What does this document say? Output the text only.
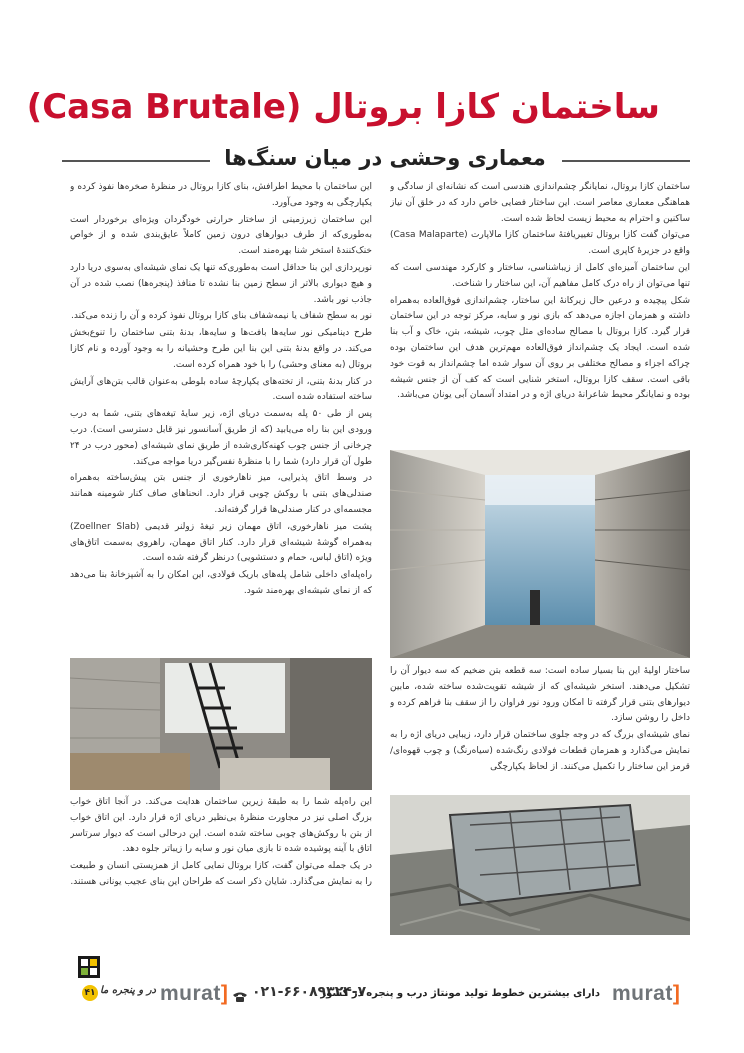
ساختمان کازا بروتال (Casa Brutale)
معماری وحشی در میان سنگ‌ها

ساختمان کازا بروتال، نمایانگر چشم‌اندازی هندسی است که نشانه‌ای از سادگی و هماهنگی معماری معاصر است. این ساختار فضایی خاص دارد که در خلق آن نیاز ساکنین و احترام به محیط زیست لحاظ شده است.

می‌توان گفت کازا بروتال تغییریافتهٔ ساختمان کازا مالاپارت (Casa Malaparte) واقع در جزیرهٔ کاپری است.

این ساختمان آمیزه‌ای کامل از زیباشناسی، ساختار و کارکرد مهندسی است که تنها می‌توان از راه درک کامل مفاهیم آن، این ساختار را شناخت.

شکل پیچیده و درعین حال زیرکانهٔ این ساختار، چشم‌اندازی فوق‌العاده به‌همراه داشته و همزمان اجازه می‌دهد که بازی نور و سایه، مرکز توجه در این ساختمان قرار گیرد. کازا بروتال با مصالح ساده‌ای مثل چوب، شیشه، بتن، خاک و آب بنا شده است. ایجاد یک چشم‌انداز فوق‌العاده مهم‌ترین هدف این ساختمان بوده چراکه اجزاء و مصالح مختلفی بر روی آن سوار شده اما چشم‌انداز به قوت خود باقی است. سقف کازا بروتال، استخر شنایی است که کف آن از جنس شیشه بوده و نمایانگر محیط شاعرانهٔ دریای اژه و در امتداد آسمان آبی یونان می‌باشد.

ساختار اولیهٔ این بنا بسیار ساده است: سه قطعه بتن ضخیم که سه دیوار آن را تشکیل می‌دهند. استخر شیشه‌ای که از شیشه تقویت‌شده ساخته شده، مابین دیوارهای بتنی قرار گرفته تا امکان ورود نور فراوان را از سقف بنا فراهم کرده و داخل را روشن سازد.

نمای شیشه‌ای بزرگ که در وجه جلوی ساختمان قرار دارد، زیبایی دریای اژه را به نمایش می‌گذارد و همزمان قطعات فولادی رنگ‌شده (سیاه‌رنگ) و چوب قهوه‌ای/قرمز این ساختار را تکمیل می‌کنند. از لحاظ یکپارچگی

این ساختمان با محیط اطرافش، بنای کازا بروتال در منظرهٔ صخره‌ها نفوذ کرده و یکپارچگی به وجود می‌آورد.

این ساختمان زیرزمینی از ساختار حرارتی خودگردان ویژه‌ای برخوردار است به‌طوری‌که از طرف دیوارهای درون زمین کاملاً عایق‌بندی شده و از خواص خنک‌کنندهٔ استخر شنا بهره‌مند است.

نورپردازی این بنا حداقل است به‌طوری‌که تنها یک نمای شیشه‌ای به‌سوی دریا دارد و هیچ دیواری بالاتر از سطح زمین بنا نشده تا منافذ (پنجره‌ها) نصب شده در آن جاذب نور باشد.

نور به سطح شفاف یا نیمه‌شفاف بنای کازا بروتال نفوذ کرده و آن را زنده می‌کند.

طرح دینامیکی نور سایه‌ها بافت‌ها و سایه‌ها، بدنهٔ بتنی ساختمان را تنوع‌بخش می‌کند. در واقع بدنهٔ بتنی این بنا این طرح وحشیانه را به وجود آورده و نام کازا بروتال (به معنای وحشی) را با خود همراه کرده است.

در کنار بدنهٔ بتنی، از تخته‌های یکپارچهٔ ساده بلوطی به‌عنوان قالب بتن‌های آرایش ساخته استفاده شده است.

پس از طی ۵۰ پله به‌سمت دریای اژه، زیر سایهٔ تیغه‌های بتنی، شما به درب ورودی این بنا راه می‌یابید (که از طریق آسانسور نیز قابل دسترسی است). درب چرخانی از جنس چوب کهنه‌کاری‌شده از طریق نمای شیشه‌ای (محور درب در ۲۴ طول آن قرار دارد) شما را با منظرهٔ نفس‌گیر دریا مواجه می‌کند.

در وسط اتاق پذیرایی، میز ناهارخوری از جنس بتن پیش‌ساخته به‌همراه صندلی‌های بتنی با روکش چوبی قرار دارد. انحناهای صاف کنار شومینه همانند مجسمه‌ای در کنار صندلی‌ها قرار گرفته‌اند.

پشت میز ناهارخوری، اتاق مهمان زیر تیغهٔ زولنر قدیمی (Zoellner Slab) به‌همراه گوشهٔ شیشه‌ای قرار دارد. کنار اتاق مهمان، راهروی به‌سمت اتاق‌های ویژه (اتاق لباس، حمام و دستشویی) درنظر گرفته شده است.

راه‌پله‌ای داخلی شامل پله‌های باریک فولادی، این امکان را به آشپزخانهٔ بنا می‌دهد که از نمای شیشه‌ای بهره‌مند شود.

این راه‌پله شما را به طبقهٔ زیرین ساختمان هدایت می‌کند. در آنجا اتاق خواب بزرگ اصلی نیز در مجاورت منظرهٔ بی‌نظیر دریای اژه قرار دارد. این اتاق خواب از بتن با روکش‌های چوبی ساخته شده است. این درحالی است که دیوار سرتاسر اتاق با آینه پوشیده شده تا بازی میان نور و سایه را زیباتر جلوه دهد.

در یک جمله می‌توان گفت، کازا بروتال نمایی کامل از همزیستی انسان و طبیعت را به نمایش می‌گذارد. شایان ذکر است که طراحان این بنای عجیب یونانی هستند.

۴۱ در و پنجره ما murat] ۰۲۱-۶۶۰۸۹۳۲۴-۷
دارای بیشترین خطوط تولید مونتاژ درب و پنجره در کشور murat]
